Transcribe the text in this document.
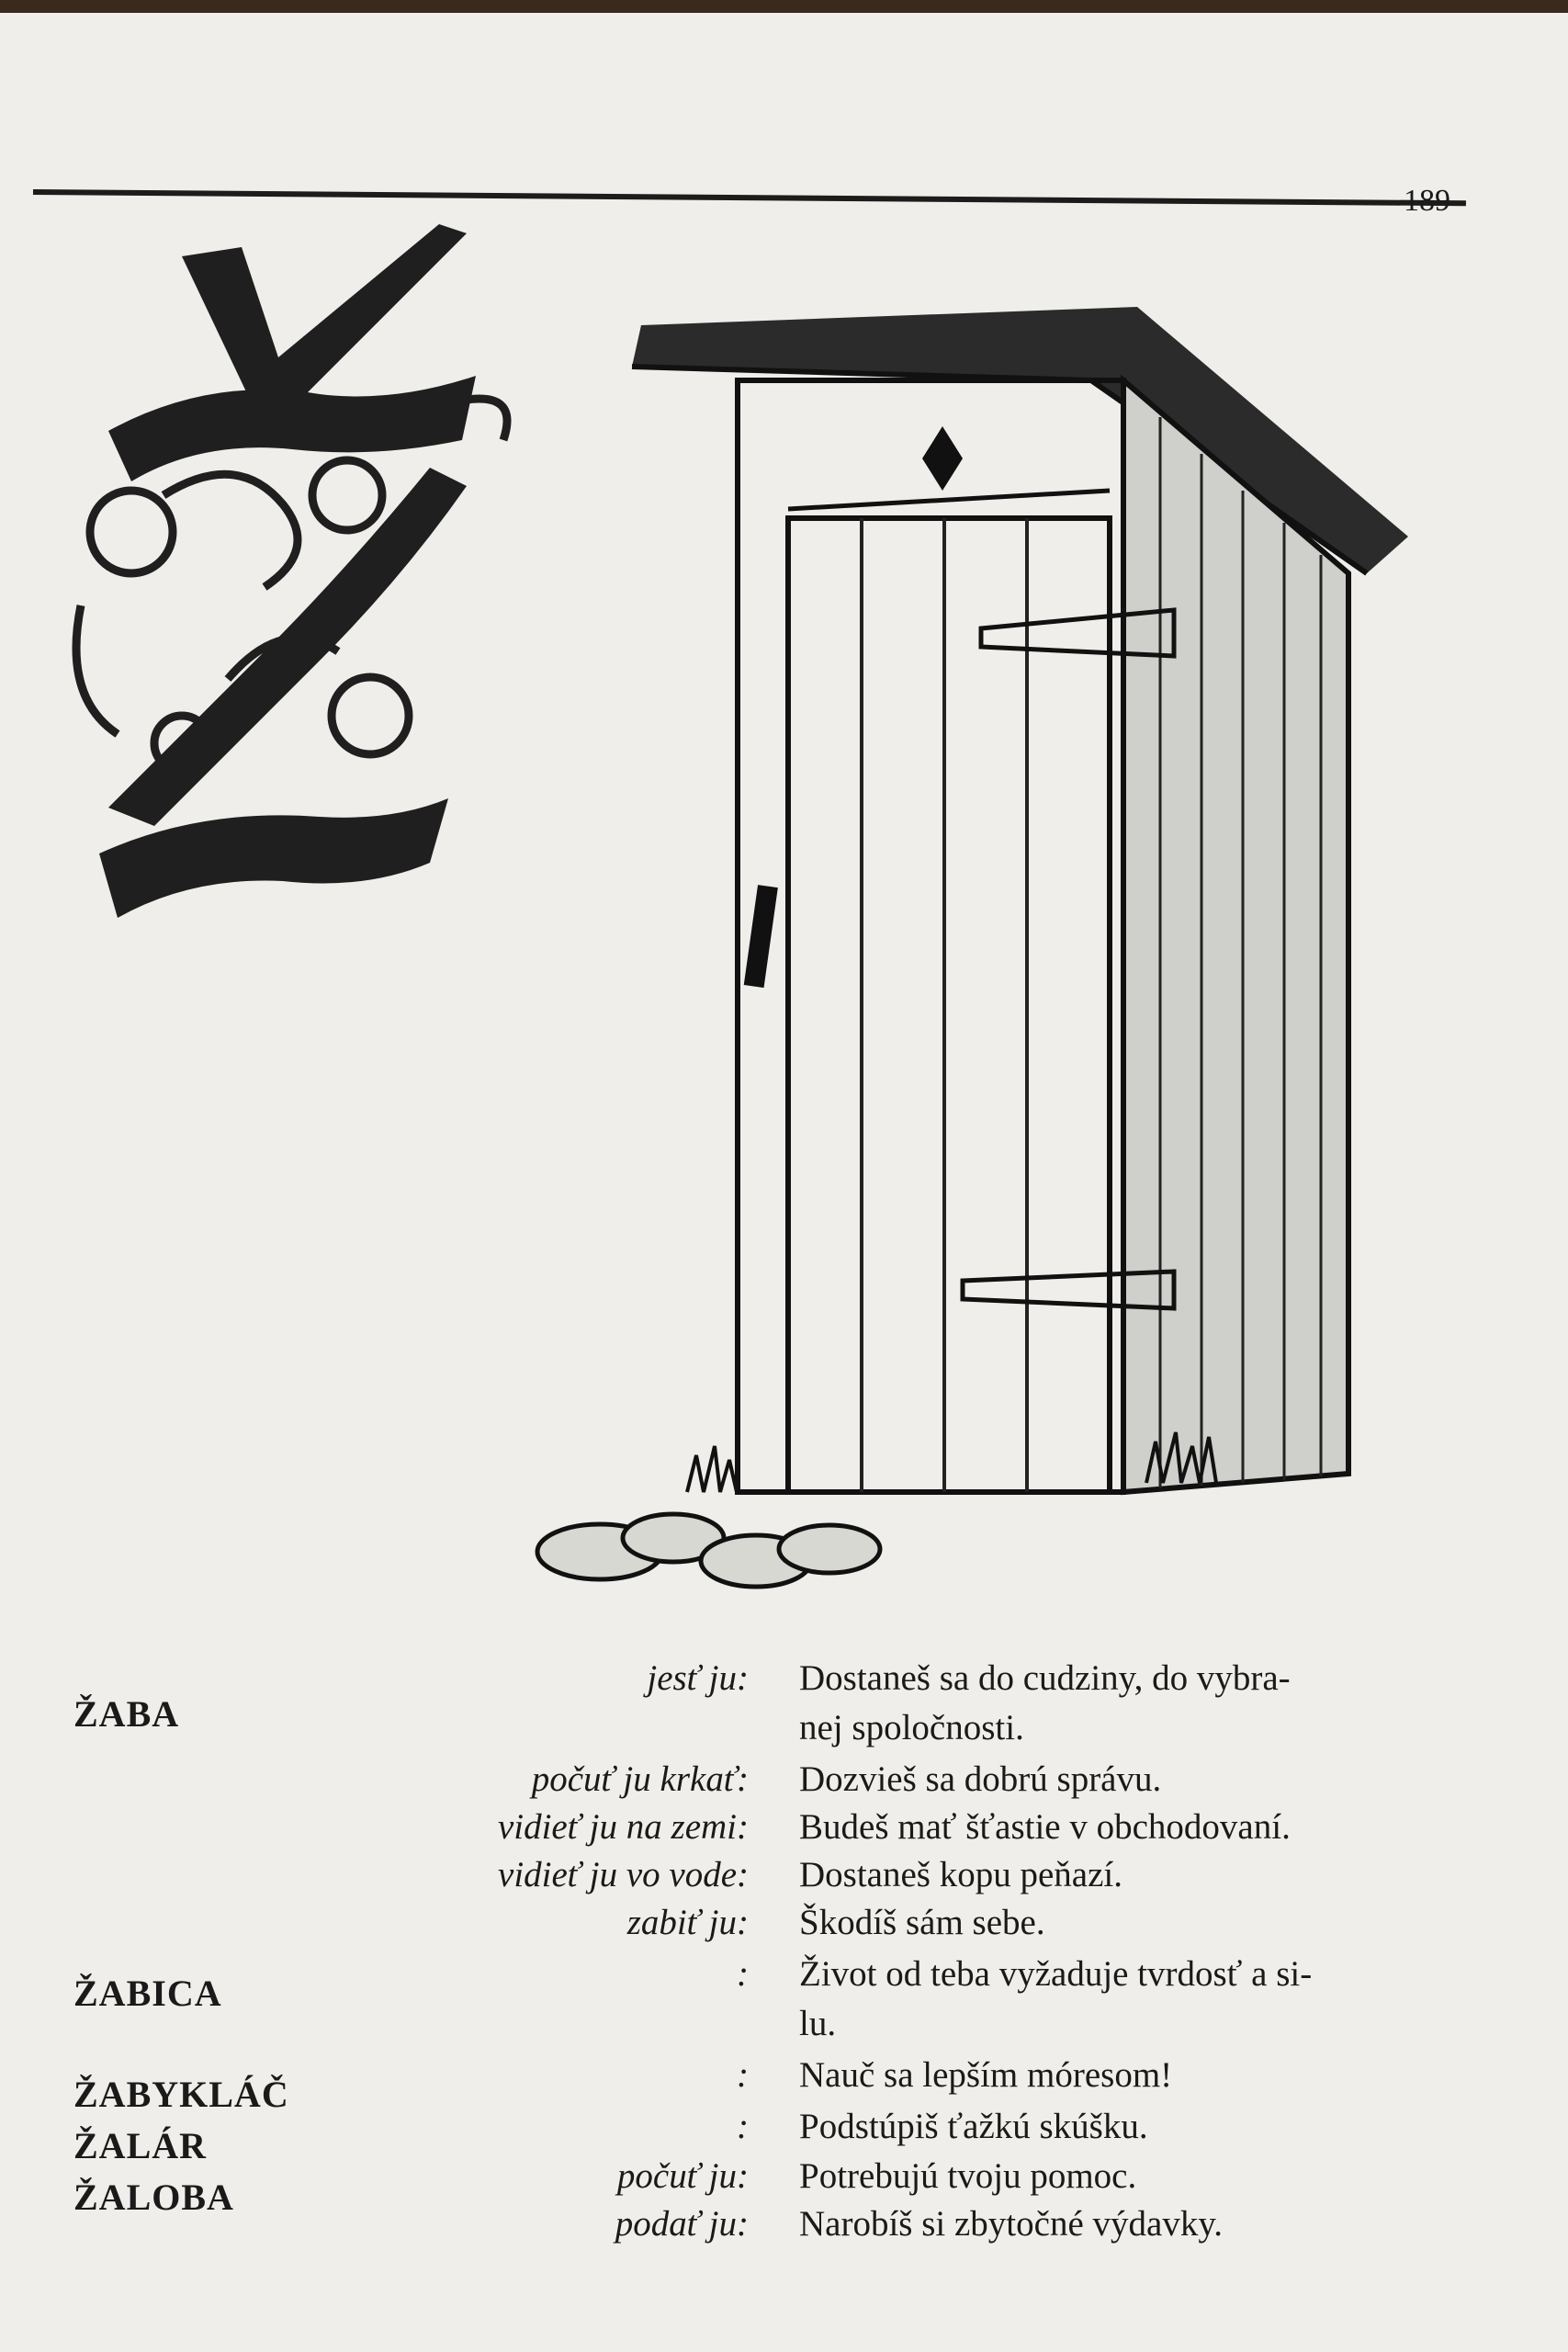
189
ŽABA
jesť ju: Dostaneš sa do cudziny, do vybra-
nej spoločnosti.
počuť ju krkať: Dozvieš sa dobrú správu.
vidieť ju na zemi: Budeš mať šťastie v obchodovaní.
vidieť ju vo vode: Dostaneš kopu peňazí.
zabiť ju: Škodíš sám sebe.
ŽABICA	: Život od teba vyžaduje tvrdosť a si-
lu.
ŽABYKLÁČ	: Nauč sa lepším móresom!
ŽALÁR	: Podstúpiš ťažkú skúšku.
ŽALOBA
počuť ju: Potrebujú tvoju pomoc.
podať ju: Narobíš si zbytočné výdavky.
